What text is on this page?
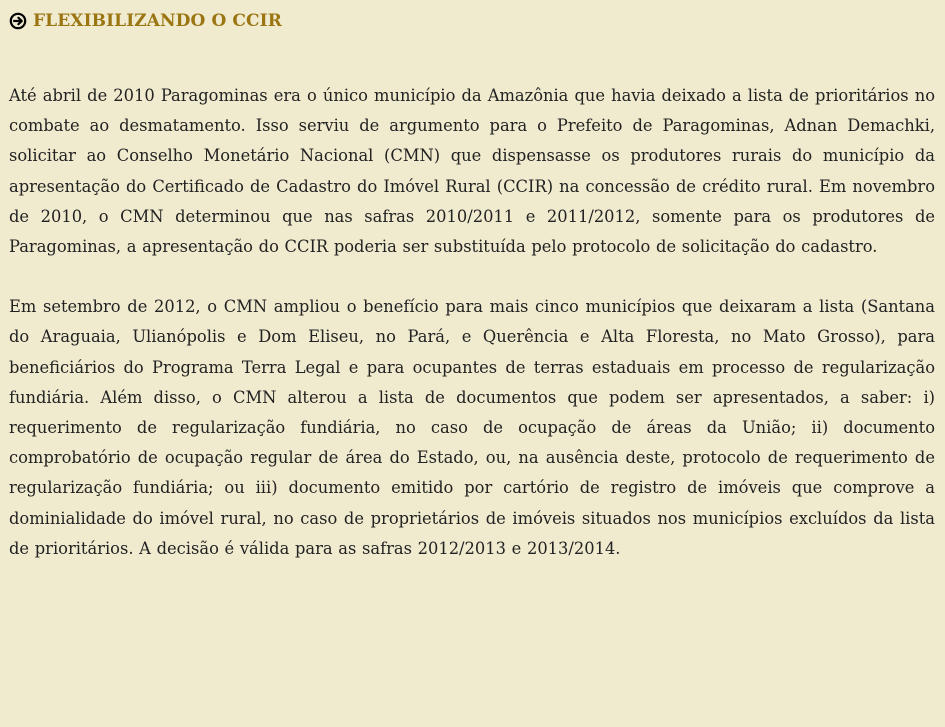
FLEXIBILIZANDO O CCIR

Até abril de 2010 Paragominas era o único município da Amazônia que havia deixado a lista de prioritários no combate ao desmatamento. Isso serviu de argumento para o Prefeito de Paragominas, Adnan Demachki, solicitar ao Conselho Monetário Nacional (CMN) que dispensasse os produtores rurais do município da apresentação do Certificado de Cadastro do Imóvel Rural (CCIR) na concessão de crédito rural. Em novembro de 2010, o CMN determinou que nas safras 2010/2011 e 2011/2012, somente para os produtores de Paragominas, a apresentação do CCIR poderia ser substituída pelo protocolo de solicitação do cadastro.

Em setembro de 2012, o CMN ampliou o benefício para mais cinco municípios que deixaram a lista (Santana do Araguaia, Ulianópolis e Dom Eliseu, no Pará, e Querência e Alta Floresta, no Mato Grosso), para beneficiários do Programa Terra Legal e para ocupantes de terras estaduais em processo de regularização fundiária. Além disso, o CMN alterou a lista de documentos que podem ser apresentados, a saber: i) requerimento de regularização fundiária, no caso de ocupação de áreas da União; ii) documento comprobatório de ocupação regular de área do Estado, ou, na ausência deste, protocolo de requerimento de regularização fundiária; ou iii) documento emitido por cartório de registro de imóveis que comprove a dominialidade do imóvel rural, no caso de proprietários de imóveis situados nos municípios excluídos da lista de prioritários. A decisão é válida para as safras 2012/2013 e 2013/2014.
